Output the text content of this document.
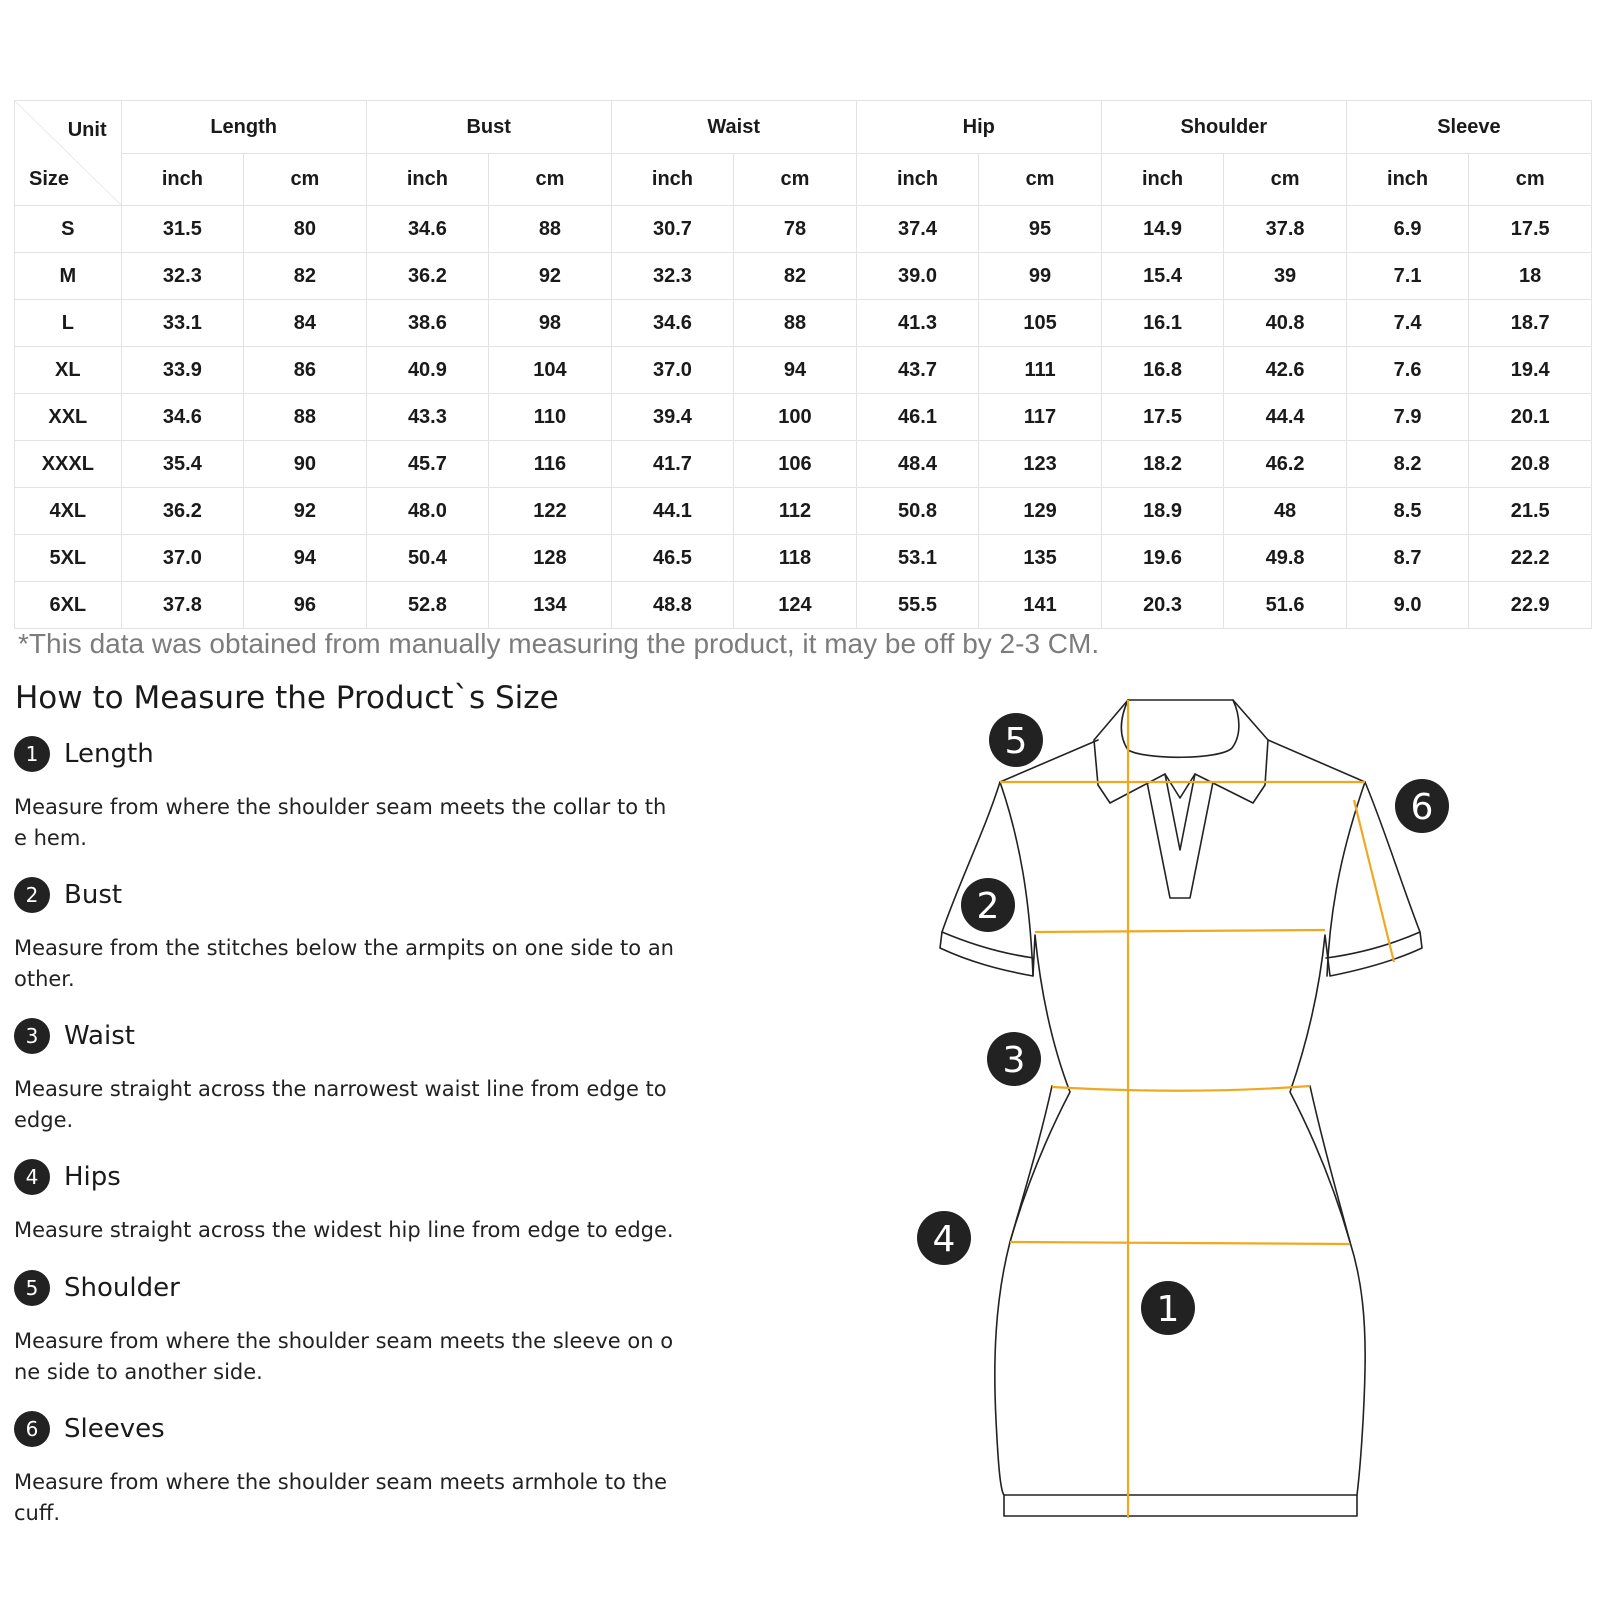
Unit
Size	Length		Bust		Waist		Hip		Shoulder		Sleeve	
	inch	cm	inch	cm	inch	cm	inch	cm	inch	cm	inch	cm
S	31.5	80	34.6	88	30.7	78	37.4	95	14.9	37.8	6.9	17.5
M	32.3	82	36.2	92	32.3	82	39.0	99	15.4	39	7.1	18
L	33.1	84	38.6	98	34.6	88	41.3	105	16.1	40.8	7.4	18.7
XL	33.9	86	40.9	104	37.0	94	43.7	111	16.8	42.6	7.6	19.4
XXL	34.6	88	43.3	110	39.4	100	46.1	117	17.5	44.4	7.9	20.1
XXXL	35.4	90	45.7	116	41.7	106	48.4	123	18.2	46.2	8.2	20.8
4XL	36.2	92	48.0	122	44.1	112	50.8	129	18.9	48	8.5	21.5
5XL	37.0	94	50.4	128	46.5	118	53.1	135	19.6	49.8	8.7	22.2
6XL	37.8	96	52.8	134	48.8	124	55.5	141	20.3	51.6	9.0	22.9
*This data was obtained from manually measuring the product, it may be off by 2-3 CM.
How to Measure the Product`s Size
1 Length
Measure from where the shoulder seam meets the collar to the hem.
2 Bust
Measure from the stitches below the armpits on one side to another.
3 Waist
Measure straight across the narrowest waist line from edge to edge.
4 Hips
Measure straight across the widest hip line from edge to edge.
5 Shoulder
Measure from where the shoulder seam meets the sleeve on one side to another side.
6 Sleeves
Measure from where the shoulder seam meets armhole to the cuff.
5
6
2
3
4
1
